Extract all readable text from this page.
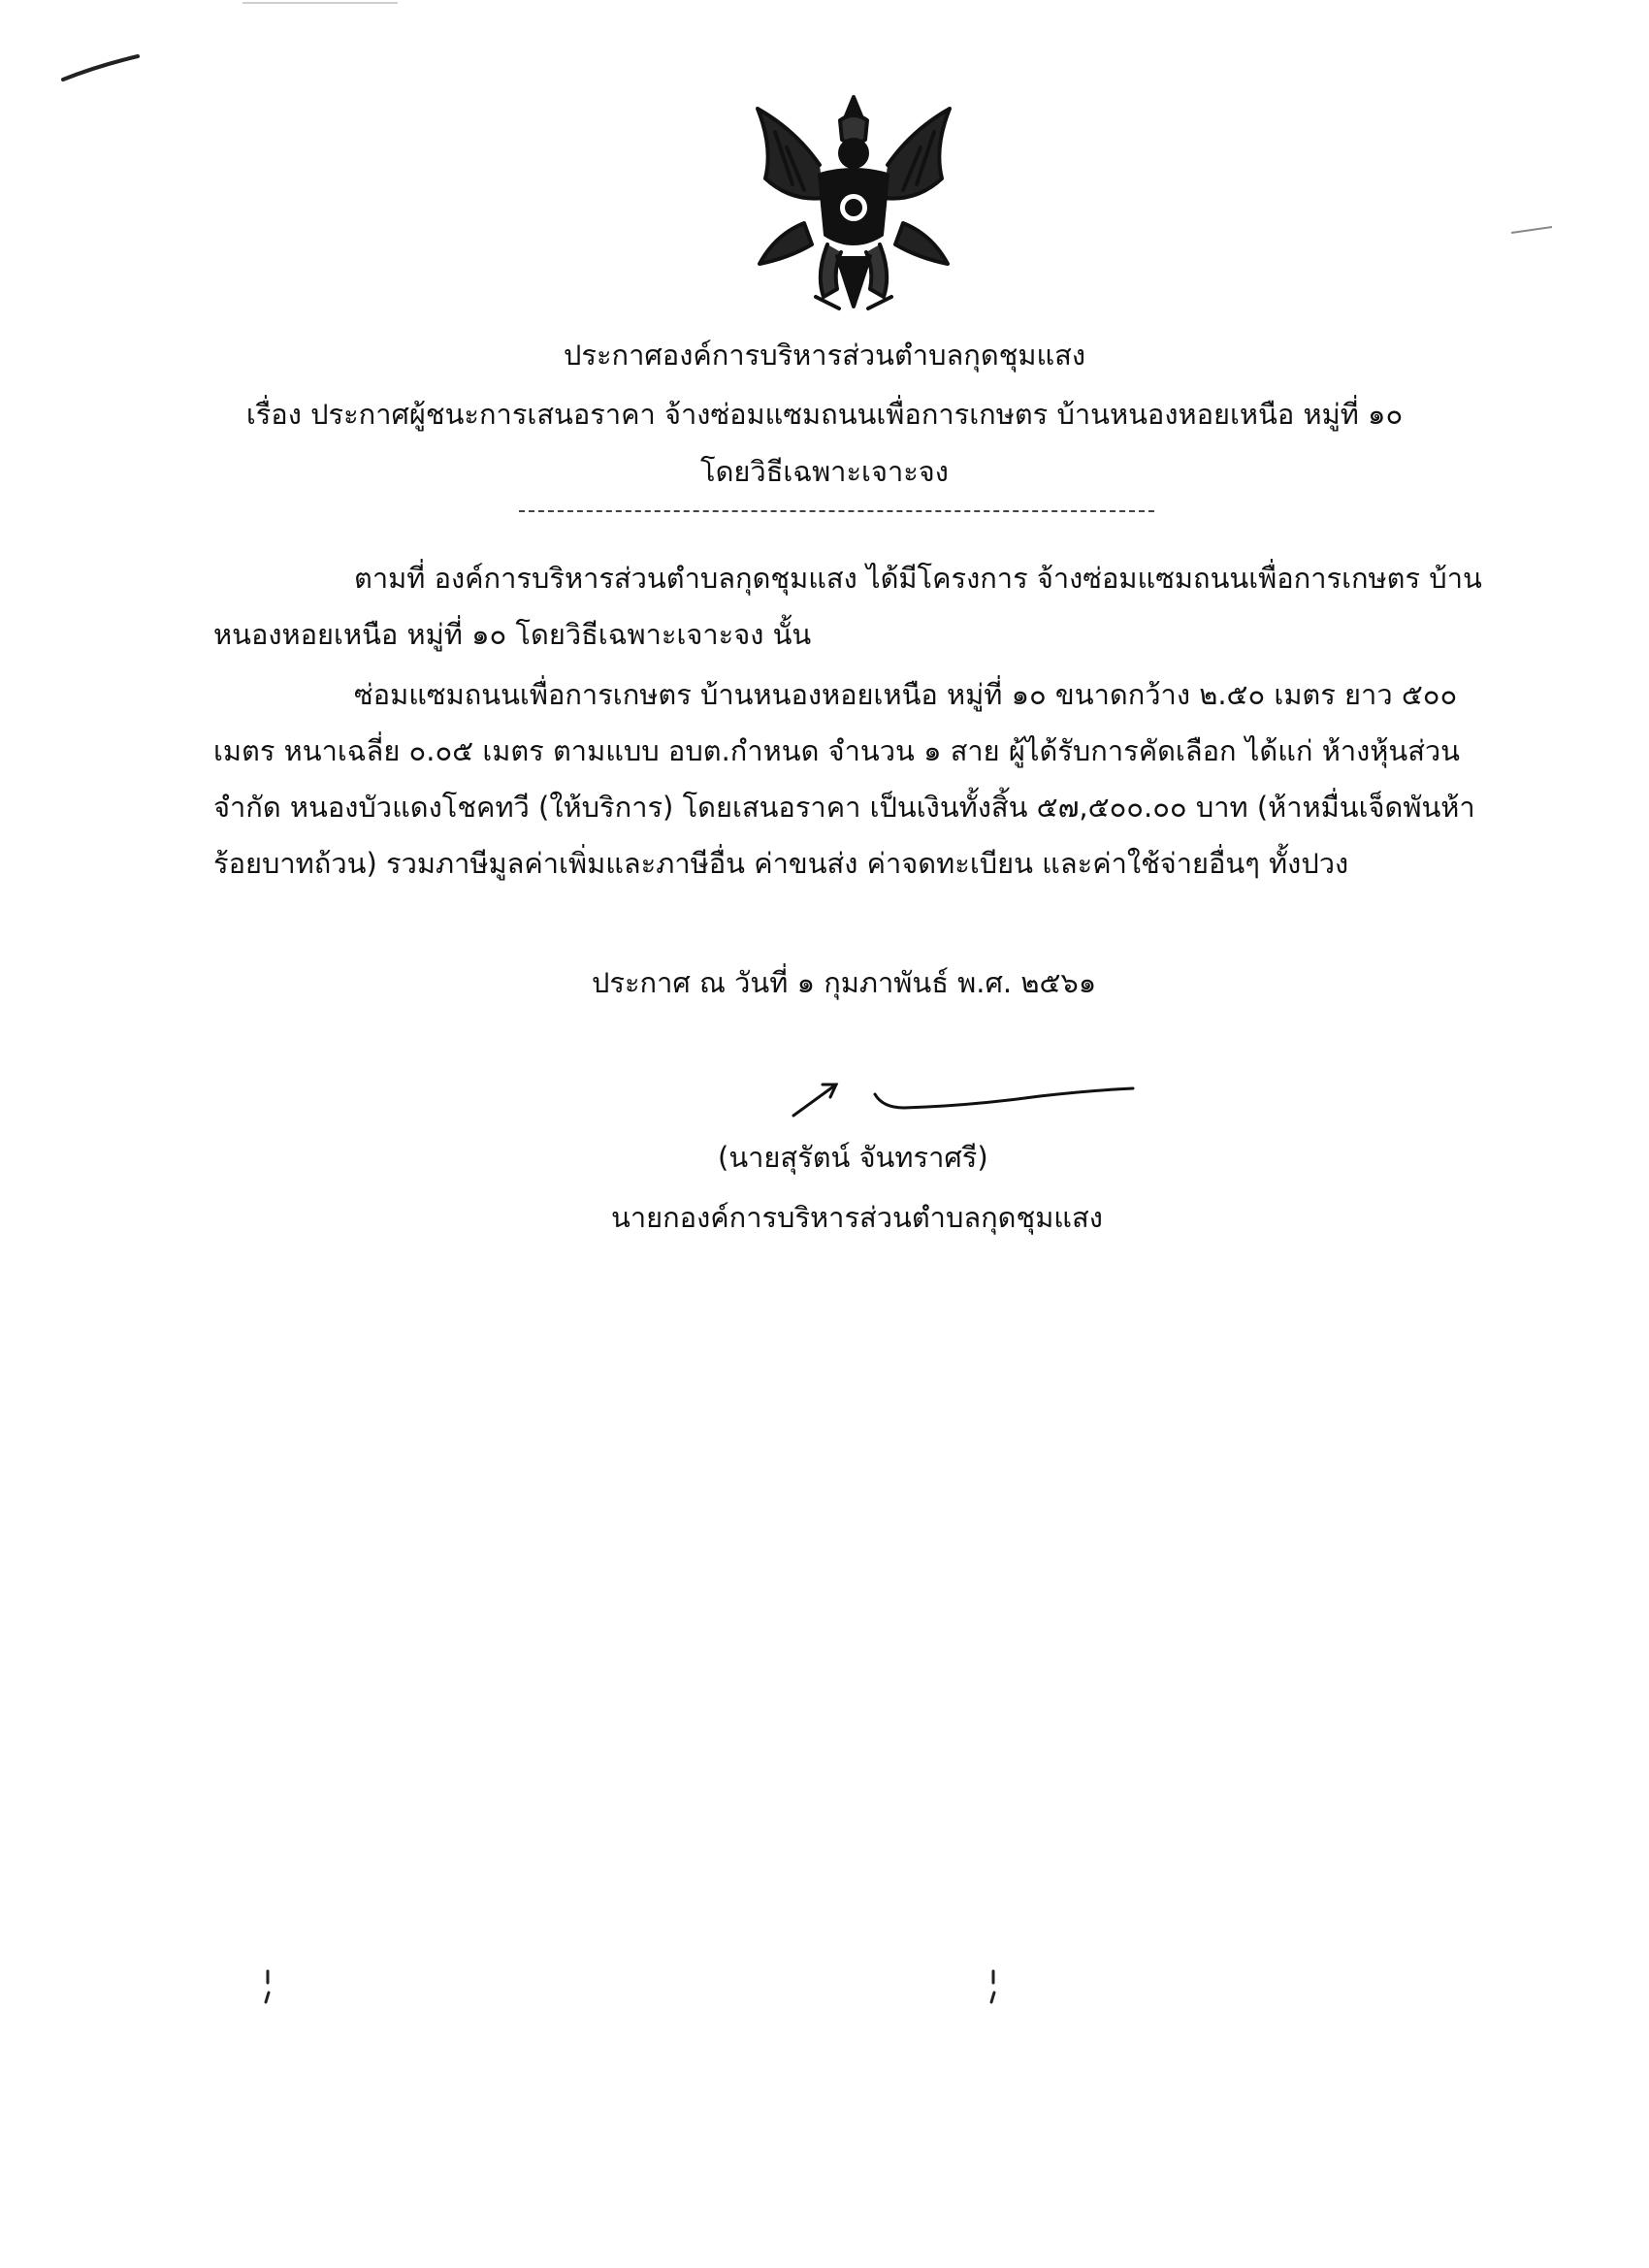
ประกาศองค์การบริหารส่วนตำบลกุดชุมแสง
เรื่อง ประกาศผู้ชนะการเสนอราคา จ้างซ่อมแซมถนนเพื่อการเกษตร บ้านหนองหอยเหนือ หมู่ที่ ๑๐
โดยวิธีเฉพาะเจาะจง
ตามที่ องค์การบริหารส่วนตำบลกุดชุมแสง ได้มีโครงการ จ้างซ่อมแซมถนนเพื่อการเกษตร บ้าน
หนองหอยเหนือ หมู่ที่ ๑๐ โดยวิธีเฉพาะเจาะจง นั้น
ซ่อมแซมถนนเพื่อการเกษตร บ้านหนองหอยเหนือ หมู่ที่ ๑๐ ขนาดกว้าง ๒.๕๐ เมตร ยาว ๕๐๐
เมตร หนาเฉลี่ย ๐.๐๕ เมตร ตามแบบ อบต.กำหนด จำนวน ๑ สาย ผู้ได้รับการคัดเลือก ได้แก่ ห้างหุ้นส่วน
จำกัด หนองบัวแดงโชคทวี (ให้บริการ) โดยเสนอราคา เป็นเงินทั้งสิ้น ๕๗,๕๐๐.๐๐ บาท (ห้าหมื่นเจ็ดพันห้า
ร้อยบาทถ้วน) รวมภาษีมูลค่าเพิ่มและภาษีอื่น ค่าขนส่ง ค่าจดทะเบียน และค่าใช้จ่ายอื่นๆ ทั้งปวง
ประกาศ ณ วันที่ ๑ กุมภาพันธ์ พ.ศ. ๒๕๖๑
(นายสุรัตน์ จันทราศรี)
นายกองค์การบริหารส่วนตำบลกุดชุมแสง
